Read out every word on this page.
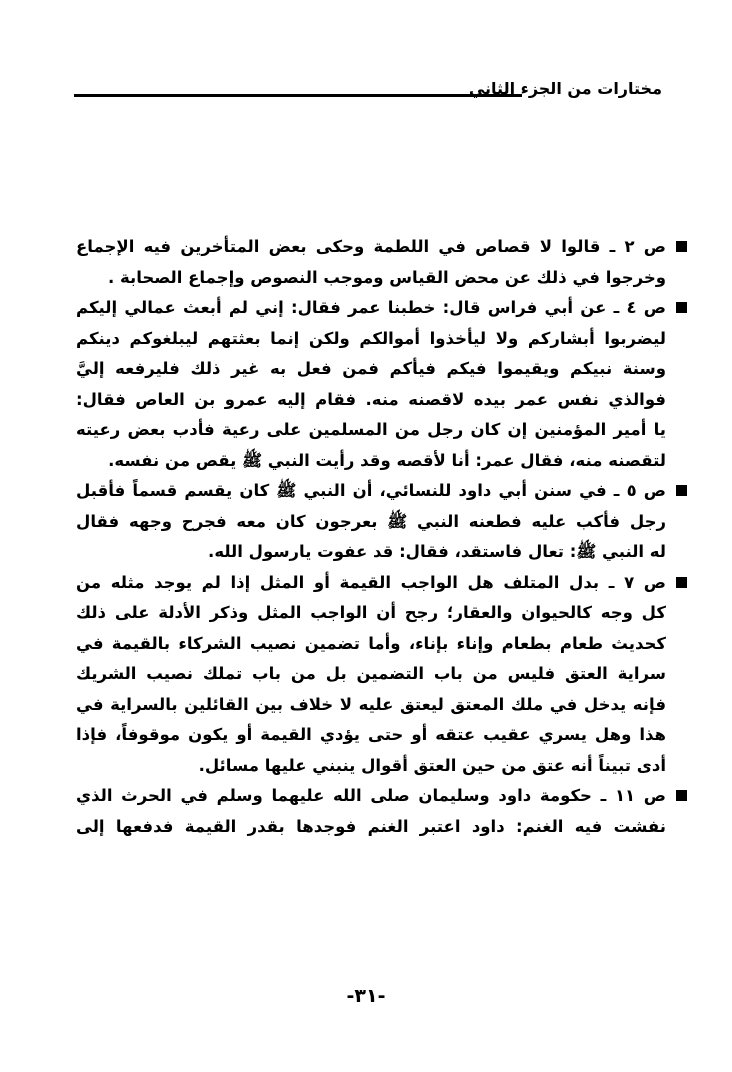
مختارات من الجزء الثاني
ص ٢ ـ قالوا لا قصاص في اللطمة وحكى بعض المتأخرين فيه الإجماع
وخرجوا في ذلك عن محض القياس وموجب النصوص وإجماع الصحابة .
ص ٤ ـ عن أبي فراس قال: خطبنا عمر فقال: إني لم أبعث عمالي إليكم
ليضربوا أبشاركم ولا ليأخذوا أموالكم ولكن إنما بعثتهم ليبلغوكم دينكم
وسنة نبيكم ويقيموا فيكم فيأكم فمن فعل به غير ذلك فليرفعه إليَّ
فوالذي نفس عمر بيده لاقصنه منه. فقام إليه عمرو بن العاص فقال:
يا أمير المؤمنين إن كان رجل من المسلمين على رعية فأدب بعض رعيته
لتقصنه منه، فقال عمر: أنا لأقصه وقد رأيت النبي ﷺ يقص من نفسه.
ص ٥ ـ في سنن أبي داود للنسائي، أن النبي ﷺ كان يقسم قسماً فأقبل
رجل فأكب عليه فطعنه النبي ﷺ بعرجون كان معه فجرح وجهه فقال
له النبي ﷺ: تعال فاستقد، فقال: قد عفوت يارسول الله.
ص ٧ ـ بدل المتلف هل الواجب القيمة أو المثل إذا لم يوجد مثله من
كل وجه كالحيوان والعقار؛ رجح أن الواجب المثل وذكر الأدلة على ذلك
كحديث طعام بطعام وإناء بإناء، وأما تضمين نصيب الشركاء بالقيمة في
سراية العتق فليس من باب التضمين بل من باب تملك نصيب الشريك
فإنه يدخل في ملك المعتق ليعتق عليه لا خلاف بين القائلين بالسراية في
هذا وهل يسري عقيب عتقه أو حتى يؤدي القيمة أو يكون موقوفاً، فإذا
أدى تبيناً أنه عتق من حين العتق أقوال ينبني عليها مسائل.
ص ١١ ـ حكومة داود وسليمان صلى الله عليهما وسلم في الحرث الذي
نفشت فيه الغنم: داود اعتبر الغنم فوجدها بقدر القيمة فدفعها إلى
-٣١-
